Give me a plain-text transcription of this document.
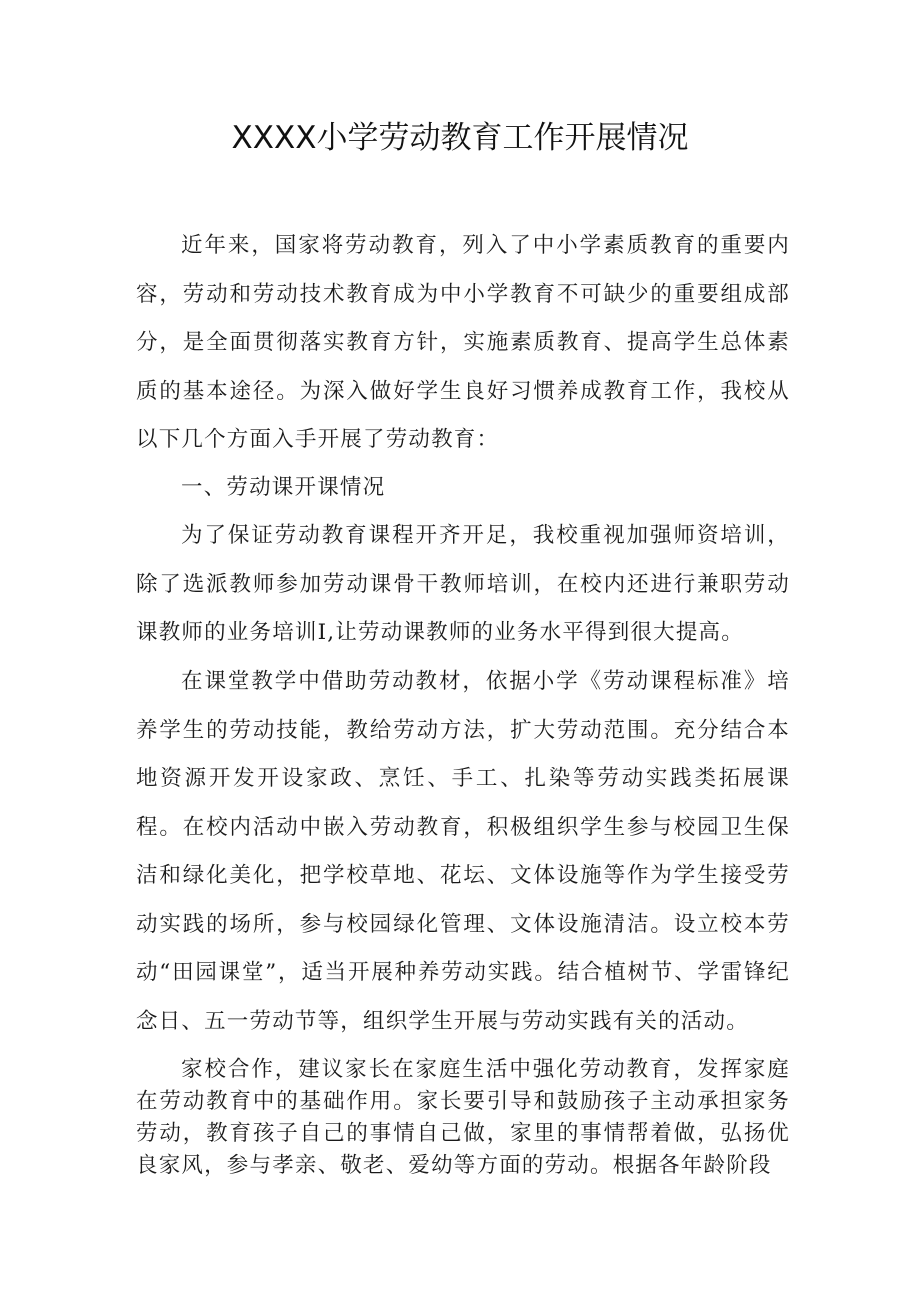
XXXX小学劳动教育工作开展情况

近年来，国家将劳动教育，列入了中小学素质教育的重要内容，劳动和劳动技术教育成为中小学教育不可缺少的重要组成部分，是全面贯彻落实教育方针，实施素质教育、提高学生总体素质的基本途径。为深入做好学生良好习惯养成教育工作，我校从以下几个方面入手开展了劳动教育：

一、劳动课开课情况

为了保证劳动教育课程开齐开足，我校重视加强师资培训，除了选派教师参加劳动课骨干教师培训，在校内还进行兼职劳动课教师的业务培训I,让劳动课教师的业务水平得到很大提高。

在课堂教学中借助劳动教材，依据小学《劳动课程标准》培养学生的劳动技能，教给劳动方法，扩大劳动范围。充分结合本地资源开发开设家政、烹饪、手工、扎染等劳动实践类拓展课程。在校内活动中嵌入劳动教育，积极组织学生参与校园卫生保洁和绿化美化，把学校草地、花坛、文体设施等作为学生接受劳动实践的场所，参与校园绿化管理、文体设施清洁。设立校本劳动“田园课堂”，适当开展种养劳动实践。结合植树节、学雷锋纪念日、五一劳动节等，组织学生开展与劳动实践有关的活动。

家校合作，建议家长在家庭生活中强化劳动教育，发挥家庭在劳动教育中的基础作用。家长要引导和鼓励孩子主动承担家务劳动，教育孩子自己的事情自己做，家里的事情帮着做，弘扬优良家风，参与孝亲、敬老、爱幼等方面的劳动。根据各年龄阶段
